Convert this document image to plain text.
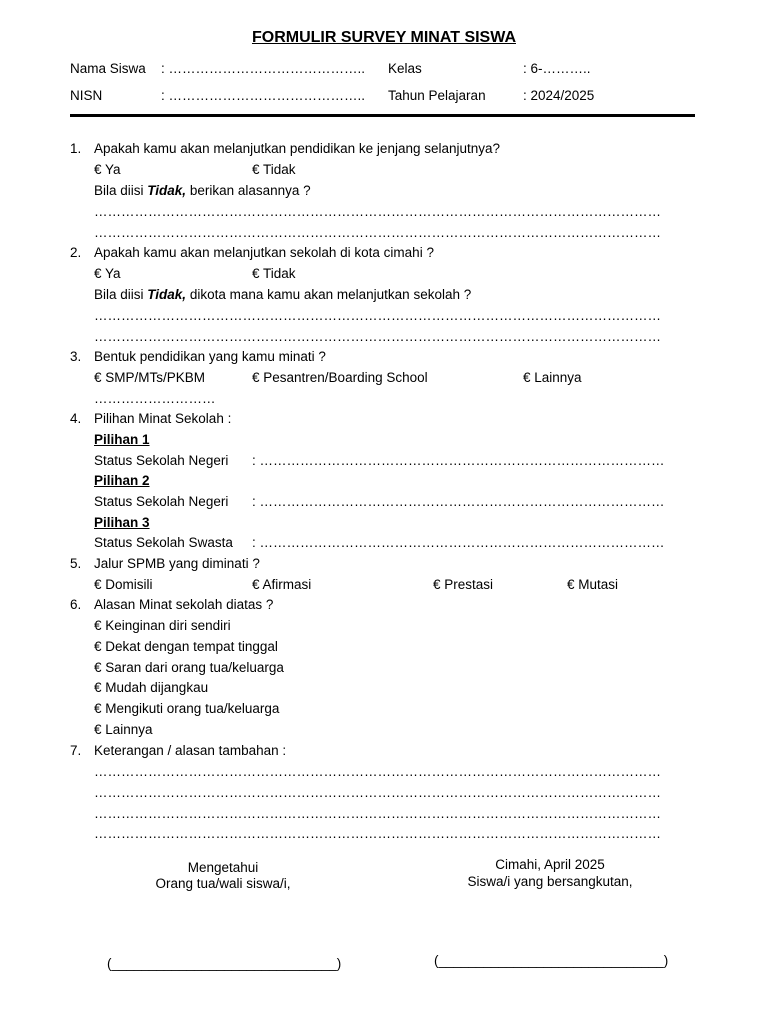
FORMULIR SURVEY MINAT SISWA
Nama Siswa : …………………………………….. Kelas	: 6-………..
NISN	: …………………………………….. Tahun Pelajaran	: 2024/2025
1. Apakah kamu akan melanjutkan pendidikan ke jenjang selanjutnya?
€ Ya	€ Tidak
Bila diisi Tidak, berikan alasannya ?
………………………………………………………………………………………………………………
………………………………………………………………………………………………………………
2. Apakah kamu akan melanjutkan sekolah di kota cimahi ?
€ Ya	€ Tidak
Bila diisi Tidak, dikota mana kamu akan melanjutkan sekolah ?
………………………………………………………………………………………………………………
………………………………………………………………………………………………………………
3. Bentuk pendidikan yang kamu minati ?
€ SMP/MTs/PKBM	€ Pesantren/Boarding School	€ Lainnya
………………………
4. Pilihan Minat Sekolah :
Pilihan 1
Status Sekolah Negeri : ………………………………………………………………………………
Pilihan 2
Status Sekolah Negeri : ………………………………………………………………………………
Pilihan 3
Status Sekolah Swasta : ………………………………………………………………………………
5. Jalur SPMB yang diminati ?
€ Domisili	€ Afirmasi	€ Prestasi	€ Mutasi
6. Alasan Minat sekolah diatas ?
€ Keinginan diri sendiri
€ Dekat dengan tempat tinggal
€ Saran dari orang tua/keluarga
€ Mudah dijangkau
€ Mengikuti orang tua/keluarga
€ Lainnya
7. Keterangan / alasan tambahan :
………………………………………………………………………………………………………………
………………………………………………………………………………………………………………
………………………………………………………………………………………………………………
………………………………………………………………………………………………………………
Mengetahui
Orang tua/wali siswa/i,
Cimahi, April 2025
Siswa/i yang bersangkutan,
(______________________________)	(______________________________)
